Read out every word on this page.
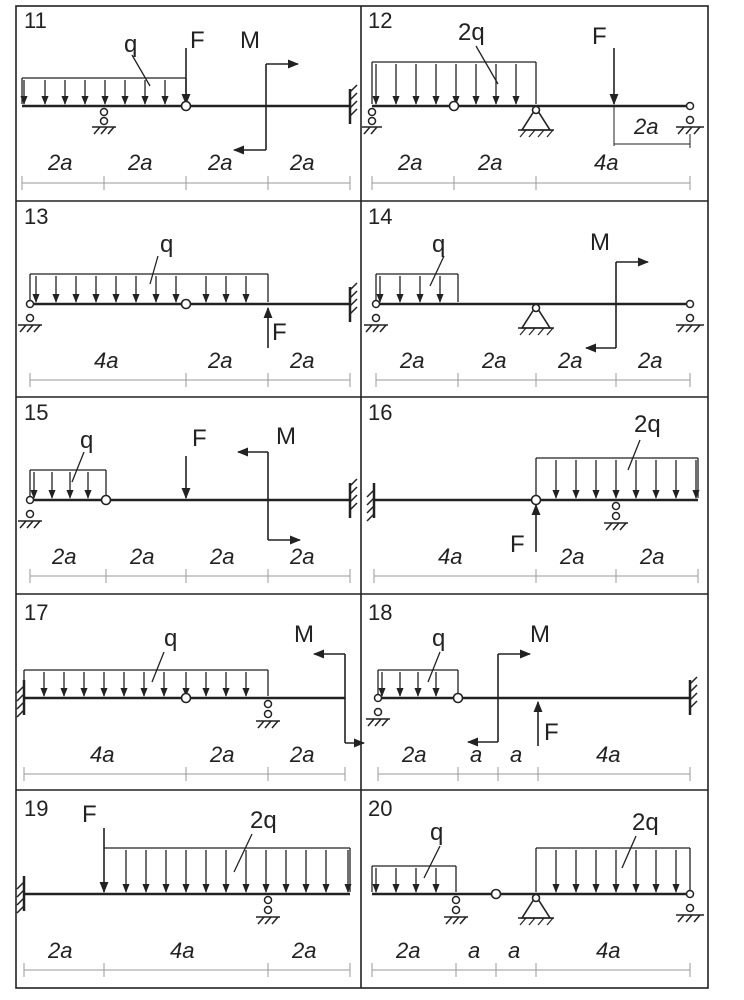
11
q F M
2a	2a	2a	2a
12	2q	F
2a
2a	2a	4a
13
q
F
4a	2a	2a
14
q	M
2a	2a 2a	2a
15
q	F	M
2a 2a	2a	2a
16	2q
F
4a	2a	2a
17
q	M
4a	2a	2a
18
q	M
F
2a a a	4a
19 F	2q
2a	4a	2a
20
q	2q
2a a a	4a
